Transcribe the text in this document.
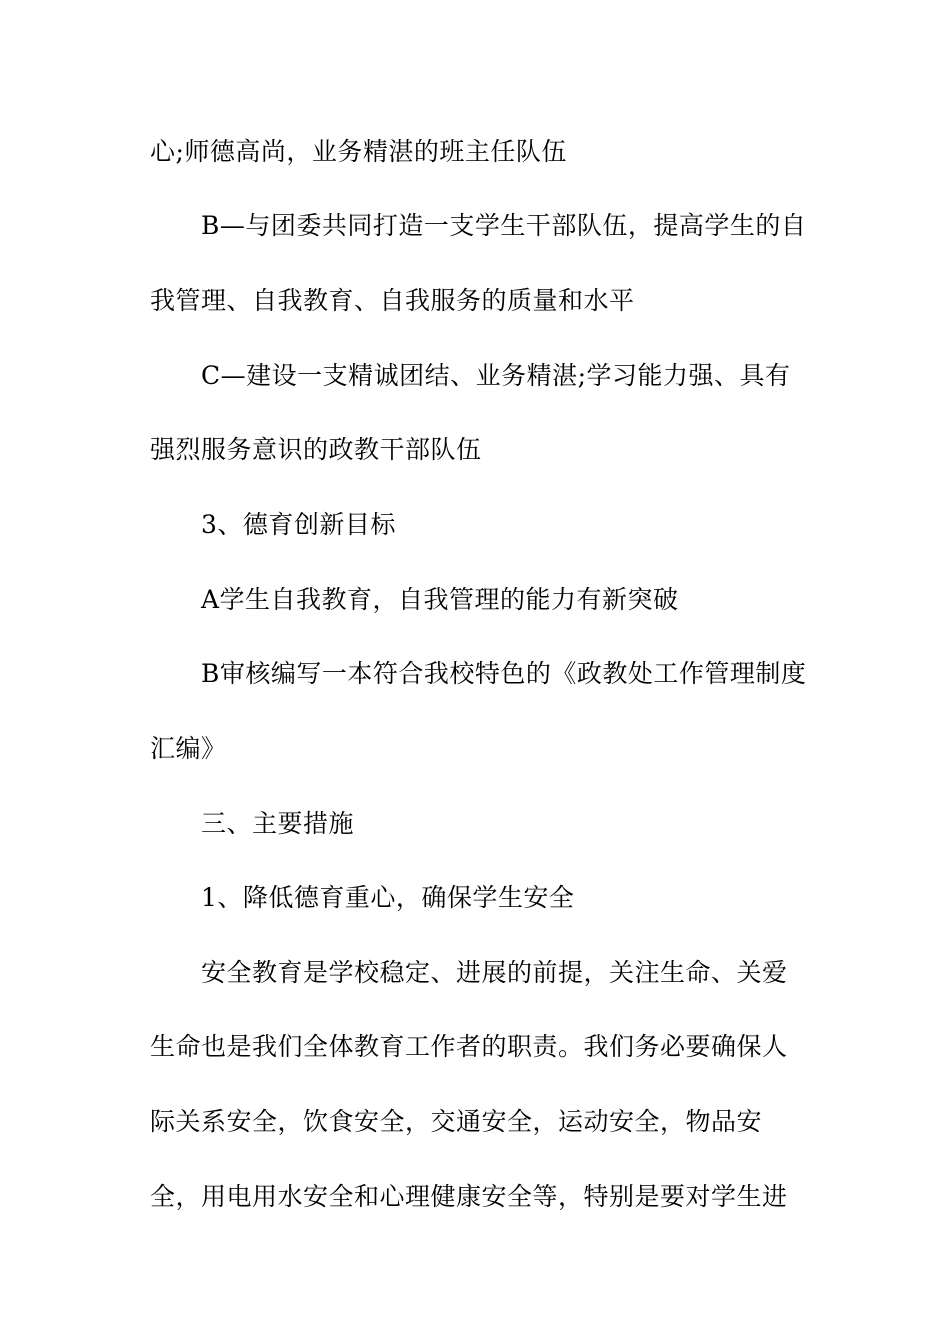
心;师德高尚，业务精湛的班主任队伍
B—与团委共同打造一支学生干部队伍，提高学生的自
我管理、自我教育、自我服务的质量和水平
C—建设一支精诚团结、业务精湛;学习能力强、具有
强烈服务意识的政教干部队伍
3、德育创新目标
A学生自我教育，自我管理的能力有新突破
B审核编写一本符合我校特色的《政教处工作管理制度
汇编》
三、主要措施
1、降低德育重心，确保学生安全
安全教育是学校稳定、进展的前提，关注生命、关爱
生命也是我们全体教育工作者的职责。我们务必要确保人
际关系安全，饮食安全，交通安全，运动安全，物品安
全，用电用水安全和心理健康安全等，特别是要对学生进
